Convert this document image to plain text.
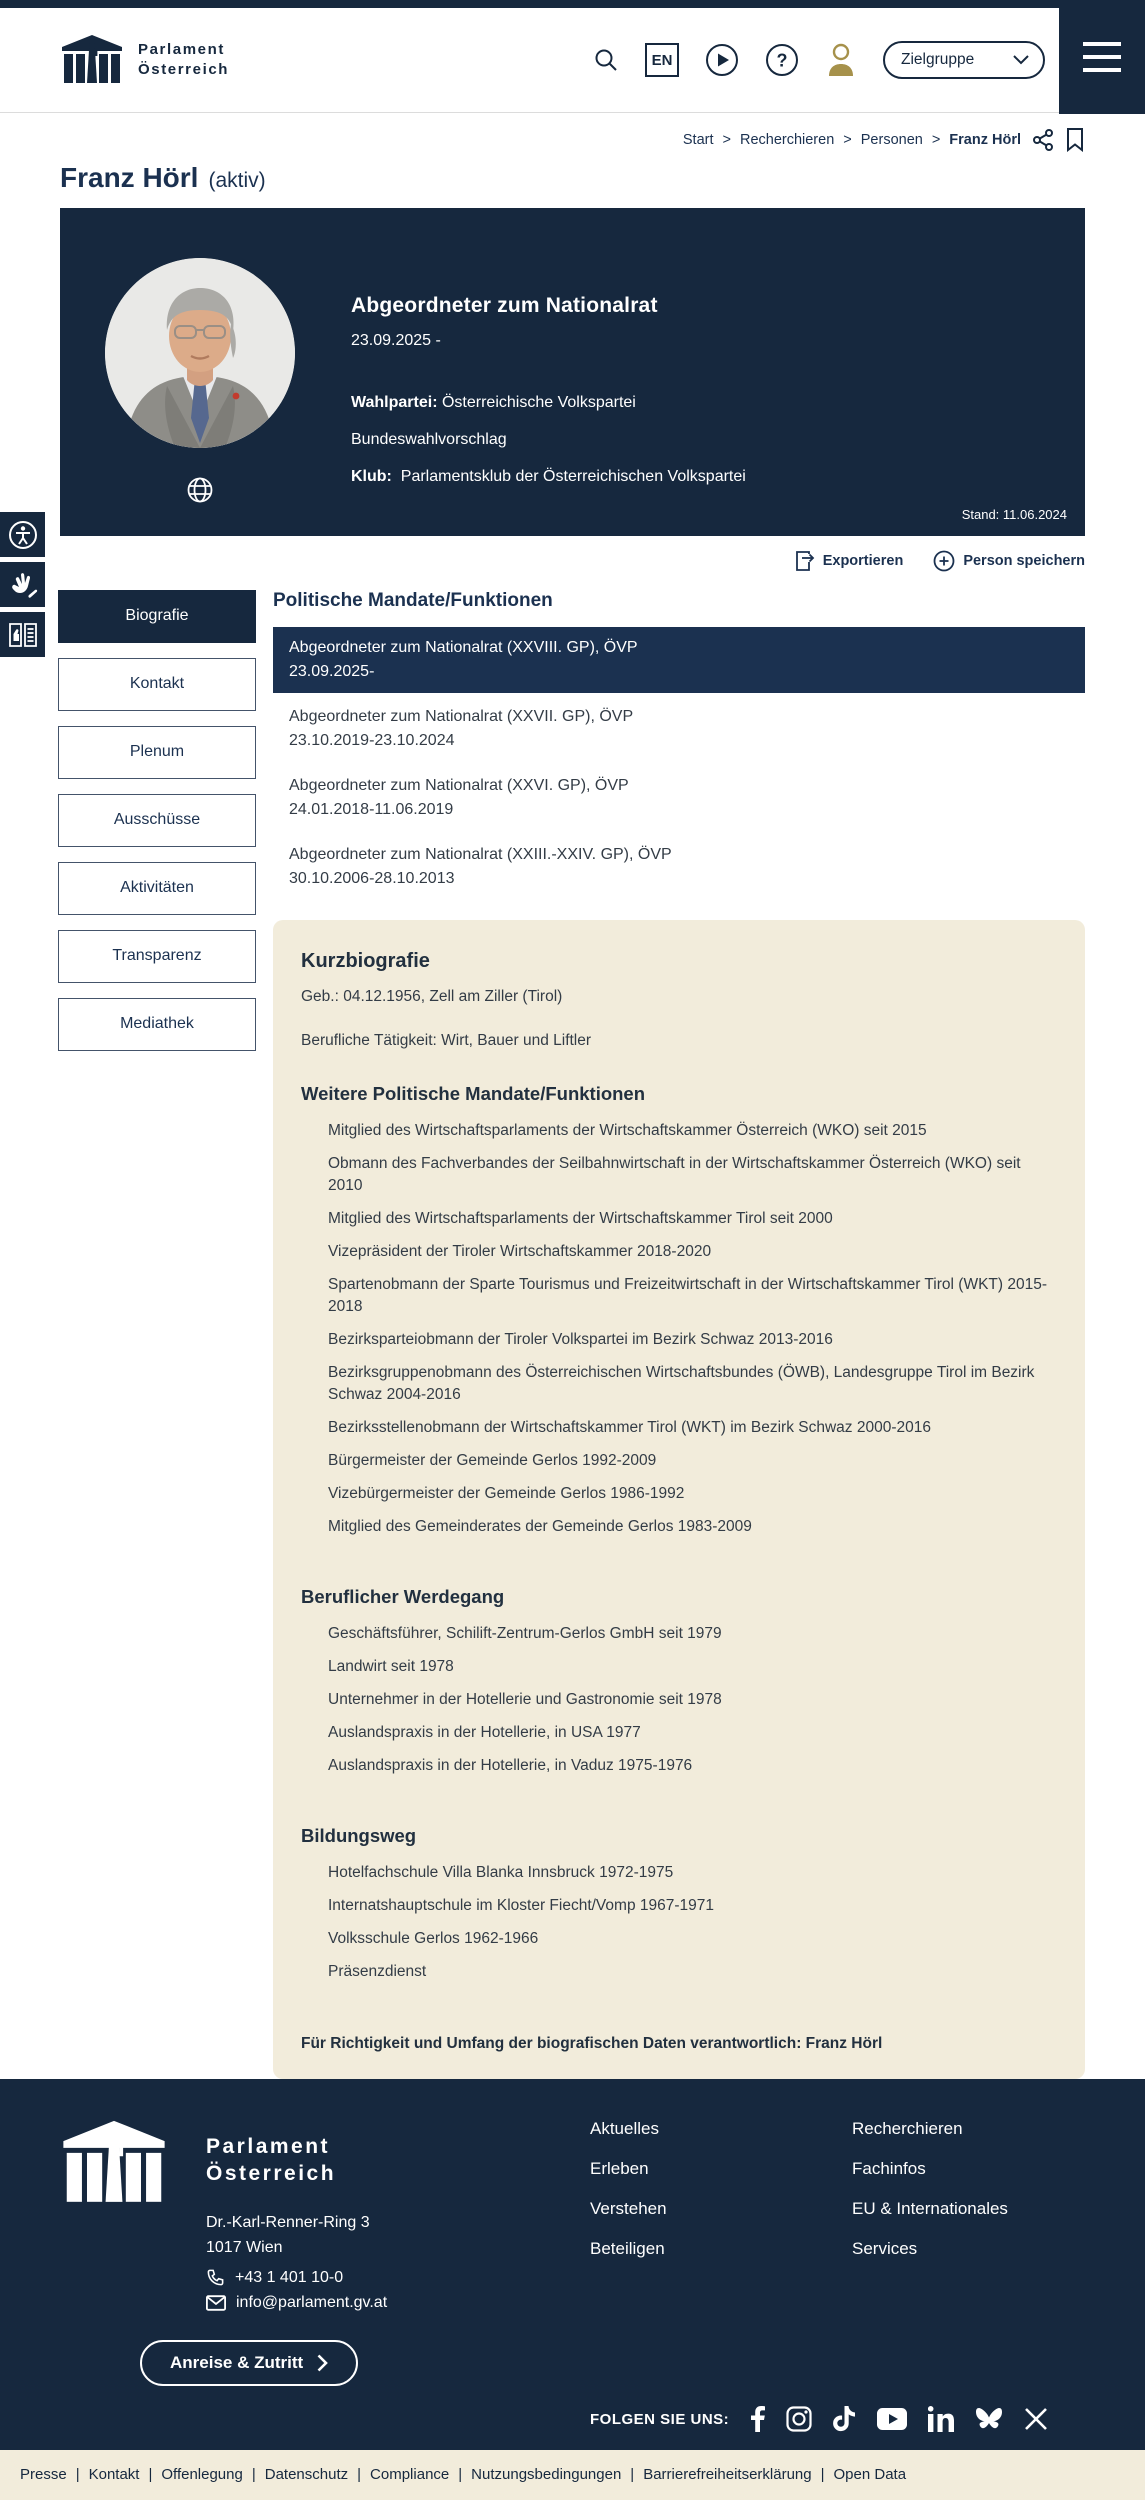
Parlament
Österreich
EN	?	Zielgruppe
Start >	Recherchieren >	Personen >	Franz Hörl
Franz Hörl (aktiv)
Abgeordneter zum Nationalrat
23.09.2025 -
Wahlpartei: Österreichische Volkspartei
Bundeswahlvorschlag
Klub: Parlamentsklub der Österreichischen Volkspartei
Stand: 11.06.2024
Exportieren	Person speichern
Biografie
Kontakt
Plenum
Ausschüsse
Aktivitäten
Transparenz
Mediathek
Politische Mandate/Funktionen
Abgeordneter zum Nationalrat (XXVIII. GP), ÖVP
23.09.2025-
Abgeordneter zum Nationalrat (XXVII. GP), ÖVP
23.10.2019-23.10.2024
Abgeordneter zum Nationalrat (XXVI. GP), ÖVP
24.01.2018-11.06.2019
Abgeordneter zum Nationalrat (XXIII.-XXIV. GP), ÖVP
30.10.2006-28.10.2013
Kurzbiografie

Geb.: 04.12.1956, Zell am Ziller (Tirol)

Berufliche Tätigkeit: Wirt, Bauer und Liftler

Weitere Politische Mandate/Funktionen
Mitglied des Wirtschaftsparlaments der Wirtschaftskammer Österreich (WKO) seit 2015
Obmann des Fachverbandes der Seilbahnwirtschaft in der Wirtschaftskammer Österreich (WKO) seit 2010
Mitglied des Wirtschaftsparlaments der Wirtschaftskammer Tirol seit 2000
Vizepräsident der Tiroler Wirtschaftskammer 2018-2020
Spartenobmann der Sparte Tourismus und Freizeitwirtschaft in der Wirtschaftskammer Tirol (WKT) 2015-2018
Bezirksparteiobmann der Tiroler Volkspartei im Bezirk Schwaz 2013-2016
Bezirksgruppenobmann des Österreichischen Wirtschaftsbundes (ÖWB), Landesgruppe Tirol im Bezirk Schwaz 2004-2016
Bezirksstellenobmann der Wirtschaftskammer Tirol (WKT) im Bezirk Schwaz 2000-2016
Bürgermeister der Gemeinde Gerlos 1992-2009
Vizebürgermeister der Gemeinde Gerlos 1986-1992
Mitglied des Gemeinderates der Gemeinde Gerlos 1983-2009
Beruflicher Werdegang
Geschäftsführer, Schilift-Zentrum-Gerlos GmbH seit 1979
Landwirt seit 1978
Unternehmer in der Hotellerie und Gastronomie seit 1978
Auslandspraxis in der Hotellerie, in USA 1977
Auslandspraxis in der Hotellerie, in Vaduz 1975-1976
Bildungsweg
Hotelfachschule Villa Blanka Innsbruck 1972-1975
Internatshauptschule im Kloster Fiecht/Vomp 1967-1971
Volksschule Gerlos 1962-1966
Präsenzdienst

Für Richtigkeit und Umfang der biografischen Daten verantwortlich: Franz Hörl

Parlament
Österreich
Dr.-Karl-Renner-Ring 3
1017 Wien
+43 1 401 10-0
info@parlament.gv.at
Anreise & Zutritt
Aktuelles
Erleben
Verstehen
Beteiligen
Recherchieren
Fachinfos
EU & Internationales
Services
FOLGEN SIE UNS:
Presse | Kontakt | Offenlegung | Datenschutz | Compliance | Nutzungsbedingungen | Barrierefreiheitserklärung | Open Data
